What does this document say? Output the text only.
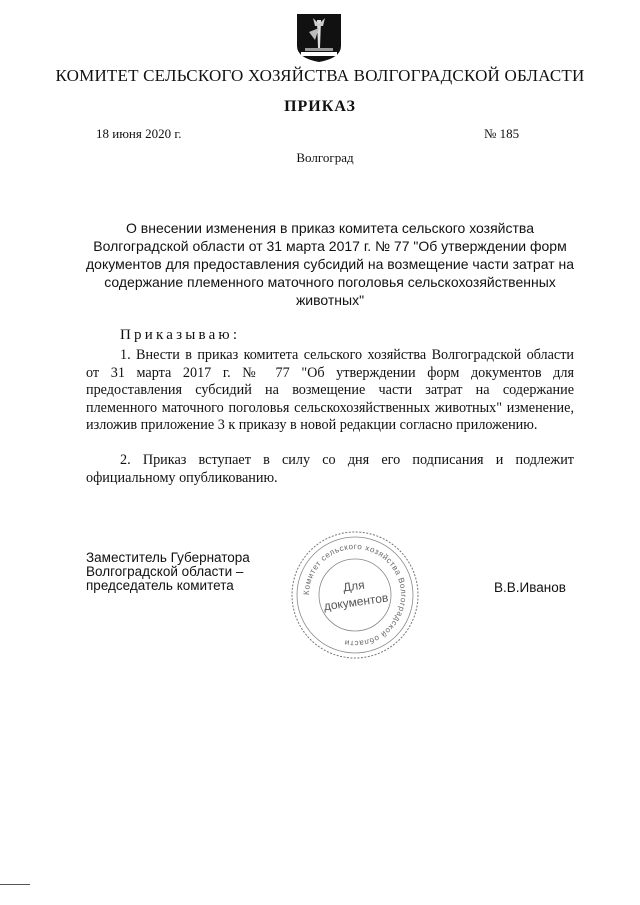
КОМИТЕТ СЕЛЬСКОГО ХОЗЯЙСТВА ВОЛГОГРАДСКОЙ ОБЛАСТИ
ПРИКАЗ
18 июня 2020 г.	№ 185
Волгоград
О внесении изменения в приказ комитета сельского хозяйства
Волгоградской области от 31 марта 2017 г. № 77 "Об утверждении форм
документов для предоставления субсидий на возмещение части затрат на
содержание племенного маточного поголовья сельскохозяйственных
животных"
Приказываю:
1. Внести в приказ комитета сельского хозяйства Волгоградской области от 31 марта 2017 г. № 77 "Об утверждении форм документов для предоставления субсидий на возмещение части затрат на содержание племенного маточного поголовья сельскохозяйственных животных" изменение, изложив приложение 3 к приказу в новой редакции согласно приложению.
2. Приказ вступает в силу со дня его подписания и подлежит официальному опубликованию.
Заместитель Губернатора
Волгоградской области –
председатель комитета	Комитет сельского хозяйства Волгоградской области
Для
документов
В.В.Иванов
